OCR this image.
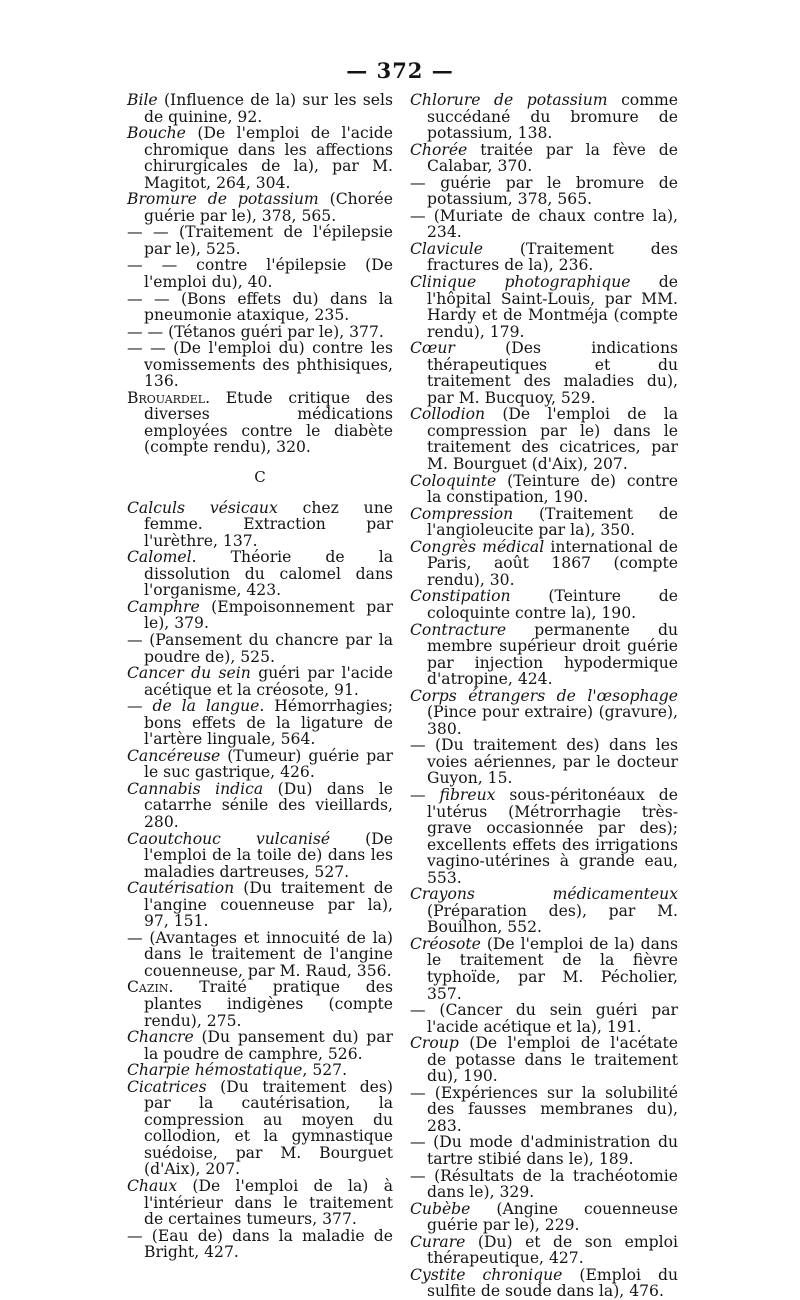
— 372 —

Bile (Influence de la) sur les sels de quinine, 92.

Bouche (De l'emploi de l'acide chromique dans les affections chirurgicales de la), par M. Magitot, 264, 304.

Bromure de potassium (Chorée guérie par le), 378, 565.

— — (Traitement de l'épilepsie par le), 525.

— — contre l'épilepsie (De l'emploi du), 40.

— — (Bons effets du) dans la pneumonie ataxique, 235.

— — (Tétanos guéri par le), 377.

— — (De l'emploi du) contre les vomissements des phthisiques, 136.

Brouardel. Etude critique des diverses médications employées contre le diabète (compte rendu), 320.

C

Calculs vésicaux chez une femme. Extraction par l'urèthre, 137.

Calomel. Théorie de la dissolution du calomel dans l'organisme, 423.

Camphre (Empoisonnement par le), 379.

— (Pansement du chancre par la poudre de), 525.

Cancer du sein guéri par l'acide acétique et la créosote, 91.

— de la langue. Hémorrhagies; bons effets de la ligature de l'artère linguale, 564.

Cancéreuse (Tumeur) guérie par le suc gastrique, 426.

Cannabis indica (Du) dans le catarrhe sénile des vieillards, 280.

Caoutchouc vulcanisé (De l'emploi de la toile de) dans les maladies dartreuses, 527.

Cautérisation (Du traitement de l'angine couenneuse par la), 97, 151.

— (Avantages et innocuité de la) dans le traitement de l'angine couenneuse, par M. Raud, 356.

Cazin. Traité pratique des plantes indigènes (compte rendu), 275.

Chancre (Du pansement du) par la poudre de camphre, 526.

Charpie hémostatique, 527.

Cicatrices (Du traitement des) par la cautérisation, la compression au moyen du collodion, et la gymnastique suédoise, par M. Bourguet (d'Aix), 207.

Chaux (De l'emploi de la) à l'intérieur dans le traitement de certaines tumeurs, 377.

— (Eau de) dans la maladie de Bright, 427.

Chlorure de potassium comme succédané du bromure de potassium, 138.

Chorée traitée par la fève de Calabar, 370.

— guérie par le bromure de potassium, 378, 565.

— (Muriate de chaux contre la), 234.

Clavicule (Traitement des fractures de la), 236.

Clinique photographique de l'hôpital Saint-Louis, par MM. Hardy et de Montméja (compte rendu), 179.

Cœur (Des indications thérapeutiques et du traitement des maladies du), par M. Bucquoy, 529.

Collodion (De l'emploi de la compression par le) dans le traitement des cicatrices, par M. Bourguet (d'Aix), 207.

Coloquinte (Teinture de) contre la constipation, 190.

Compression (Traitement de l'angioleucite par la), 350.

Congrès médical international de Paris, août 1867 (compte rendu), 30.

Constipation (Teinture de coloquinte contre la), 190.

Contracture permanente du membre supérieur droit guérie par injection hypodermique d'atropine, 424.

Corps étrangers de l'œsophage (Pince pour extraire) (gravure), 380.

— (Du traitement des) dans les voies aériennes, par le docteur Guyon, 15.

— fibreux sous-péritonéaux de l'utérus (Métrorrhagie très-grave occasionnée par des); excellents effets des irrigations vagino-utérines à grande eau, 553.

Crayons médicamenteux (Préparation des), par M. Bouilhon, 552.

Créosote (De l'emploi de la) dans le traitement de la fièvre typhoïde, par M. Pécholier, 357.

— (Cancer du sein guéri par l'acide acétique et la), 191.

Croup (De l'emploi de l'acétate de potasse dans le traitement du), 190.

— (Expériences sur la solubilité des fausses membranes du), 283.

— (Du mode d'administration du tartre stibié dans le), 189.

— (Résultats de la trachéotomie dans le), 329.

Cubèbe (Angine couenneuse guérie par le), 229.

Curare (Du) et de son emploi thérapeutique, 427.

Cystite chronique (Emploi du sulfite de soude dans la), 476.
